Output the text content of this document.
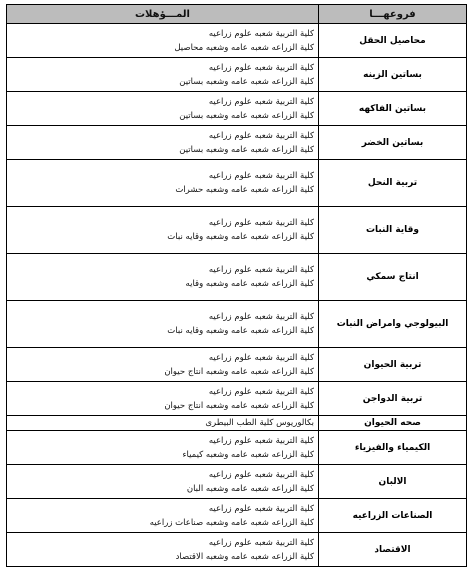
فروعهـــا	المـــؤهلات
محاصيل الحقل	كلية التربية شعبه علوم زراعيه
كلية الزراعه شعبه عامه وشعبه محاصيل

بساتين الزينه	كلية التربية شعبه علوم زراعيه
كلية الزراعه شعبه عامه وشعبه بساتين

بساتين الفاكهه	كلية التربية شعبه علوم زراعيه
كلية الزراعه شعبه عامه وشعبه بساتين

بساتين الخضر	كلية التربية شعبه علوم زراعيه
كلية الزراعه شعبه عامه وشعبه بساتين

تربية النحل	كلية التربية شعبه علوم زراعيه
كلية الزراعه شعبه عامه وشعبه حشرات

وقاية النبات	كلية التربية شعبه علوم زراعيه
كلية الزراعه شعبه عامه وشعبه وقايه نبات

انتاج سمكي	كلية التربية شعبه علوم زراعيه
كلية الزراعه شعبه عامه وشعبه وقايه

البيولوجي وامراض النبات	كلية التربية شعبه علوم زراعيه
كلية الزراعه شعبه عامه وشعبه وقايه نبات

تربية الحيوان	كلية التربية شعبه علوم زراعيه
كلية الزراعه شعبه عامه وشعبه انتاج حيوان

تربية الدواجن	كلية التربية شعبه علوم زراعيه
كلية الزراعه شعبه عامه وشعبه انتاج حيوان

صحه الحيوان	بكالوريوس كلية الطب البيطرى

الكيمياء والفيزياء	كلية التربية شعبه علوم زراعيه
كلية الزراعه شعبه عامه وشعبه كيمياء

الالبان	كلية التربية شعبه علوم زراعيه
كلية الزراعه شعبه عامه وشعبه البان

الصناعات الزراعيه	كلية التربية شعبه علوم زراعيه
كلية الزراعه شعبه عامه وشعبه صناعات زراعيه

الاقتصاد	كلية التربية شعبه علوم زراعيه
كلية الزراعه شعبه عامه وشعبه الاقتصاد
